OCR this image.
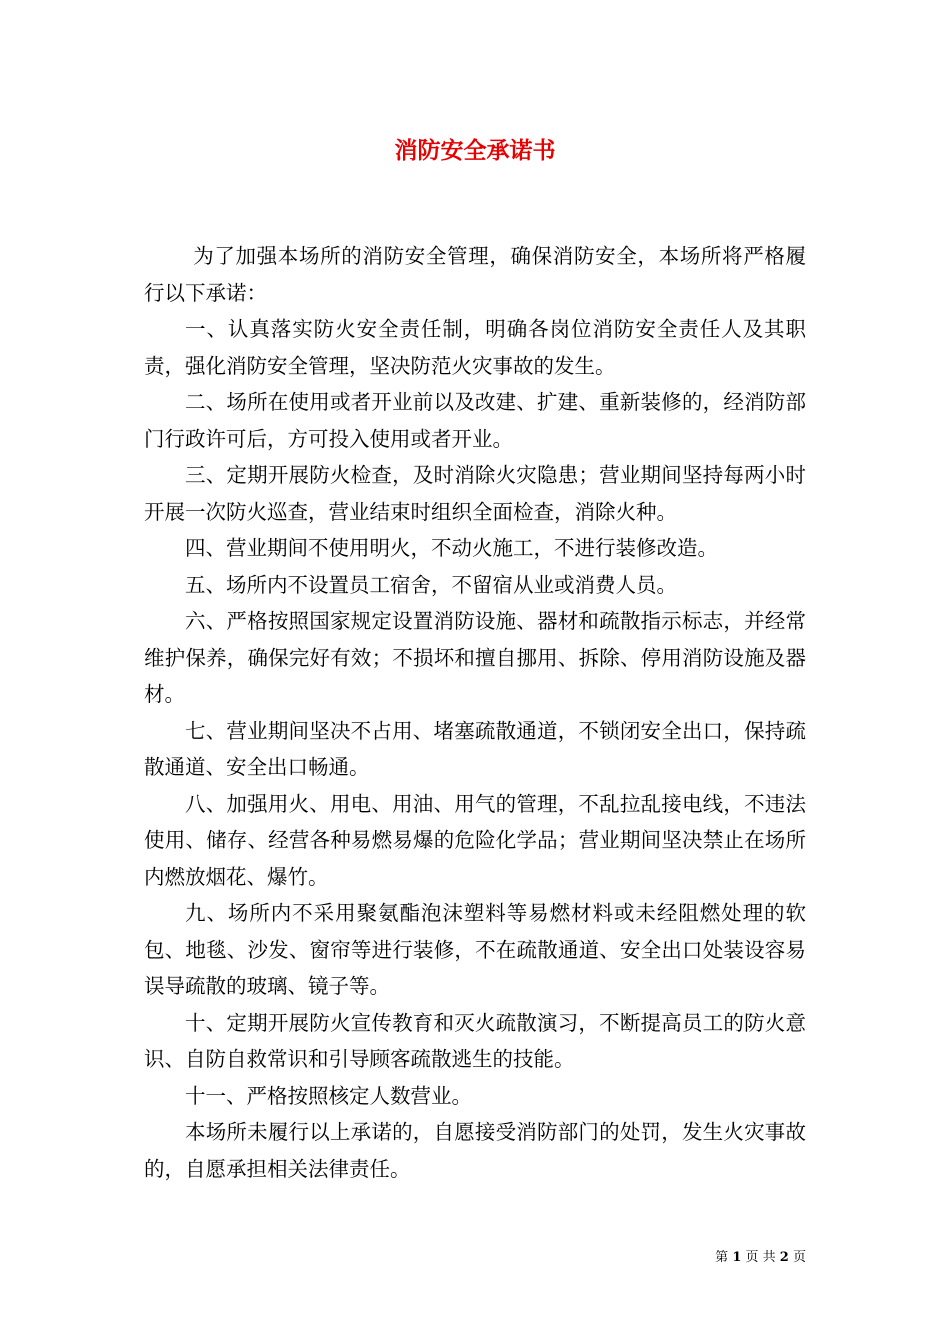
消防安全承诺书

为了加强本场所的消防安全管理，确保消防安全，本场所将严格履行以下承诺：

一、认真落实防火安全责任制，明确各岗位消防安全责任人及其职责，强化消防安全管理，坚决防范火灾事故的发生。

二、场所在使用或者开业前以及改建、扩建、重新装修的，经消防部门行政许可后，方可投入使用或者开业。

三、定期开展防火检查，及时消除火灾隐患；营业期间坚持每两小时开展一次防火巡查，营业结束时组织全面检查，消除火种。

四、营业期间不使用明火，不动火施工，不进行装修改造。

五、场所内不设置员工宿舍，不留宿从业或消费人员。

六、严格按照国家规定设置消防设施、器材和疏散指示标志，并经常维护保养，确保完好有效；不损坏和擅自挪用、拆除、停用消防设施及器材。

七、营业期间坚决不占用、堵塞疏散通道，不锁闭安全出口，保持疏散通道、安全出口畅通。

八、加强用火、用电、用油、用气的管理，不乱拉乱接电线，不违法使用、储存、经营各种易燃易爆的危险化学品；营业期间坚决禁止在场所内燃放烟花、爆竹。

九、场所内不采用聚氨酯泡沫塑料等易燃材料或未经阻燃处理的软包、地毯、沙发、窗帘等进行装修，不在疏散通道、安全出口处装设容易误导疏散的玻璃、镜子等。

十、定期开展防火宣传教育和灭火疏散演习，不断提高员工的防火意识、自防自救常识和引导顾客疏散逃生的技能。

十一、严格按照核定人数营业。

本场所未履行以上承诺的，自愿接受消防部门的处罚，发生火灾事故的，自愿承担相关法律责任。

第 1 页 共 2 页
